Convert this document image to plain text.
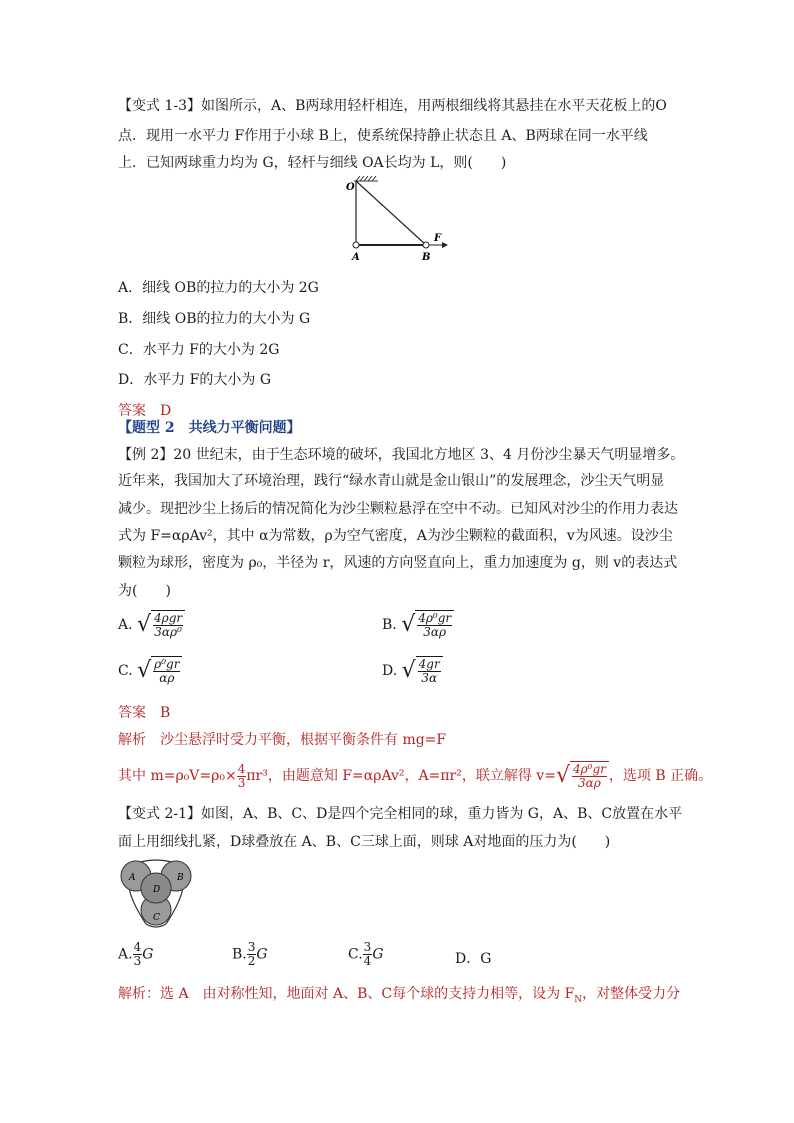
【变式 1-3】如图所示，A、B两球用轻杆相连，用两根细线将其悬挂在水平天花板上的O
点．现用一水平力 F作用于小球 B上，使系统保持静止状态且 A、B两球在同一水平线
上．已知两球重力均为 G，轻杆与细线 OA长均为 L，则(　　)
O
A	B
F
A．细线 OB的拉力的大小为 2G
B．细线 OB的拉力的大小为 G
C．水平力 F的大小为 2G
D．水平力 F的大小为 G
答案　D
【题型 2　共线力平衡问题】
【例 2】20 世纪末，由于生态环境的破坏，我国北方地区 3、4 月份沙尘暴天气明显增多。
近年来，我国加大了环境治理，践行“绿水青山就是金山银山”的发展理念，沙尘天气明显
减少。现把沙尘上扬后的情况简化为沙尘颗粒悬浮在空中不动。已知风对沙尘的作用力表达
式为 F=αρAv²，其中 α为常数，ρ为空气密度，A为沙尘颗粒的截面积，v为风速。设沙尘
颗粒为球形，密度为 ρ₀，半径为 r，风速的方向竖直向上，重力加速度为 g，则 v的表达式
为(　　)
A. √ $\frac{\text{4ρgr}}{\text{3αρ⁰}}$	B. √ $\frac{\text{4ρ⁰gr}}{3\alpha\rho}$
C. √ $\frac{\text{ρ⁰gr}}{\alpha\rho}$	D. √ $\frac{4gr}{3\alpha}$
答案　B
解析　沙尘悬浮时受力平衡，根据平衡条件有 mg=F
其中 $m=\rho_0V=\rho_0\times \frac{4}{3} \pi r^3$，由题意知 F=αρAv²，A=πr²，联立解得 v= √ $\frac{\text{4ρ⁰gr}}{3\alpha\rho}$ ，选项 B 正确。
【变式 2-1】如图，A、B、C、D是四个完全相同的球，重力皆为 G，A、B、C放置在水平
面上用细线扎紧，D球叠放在 A、B、C三球上面，则球 A对地面的压力为(　　)
A	B
C
D
A. $\frac{4}{3}$ G	B. $\frac{3}{2}$ G	C. $\frac{3}{4}$ G	D．G
解析：选 A　由对称性知，地面对 A、B、C每个球的支持力相等，设为 $F_N$，对整体受力分
